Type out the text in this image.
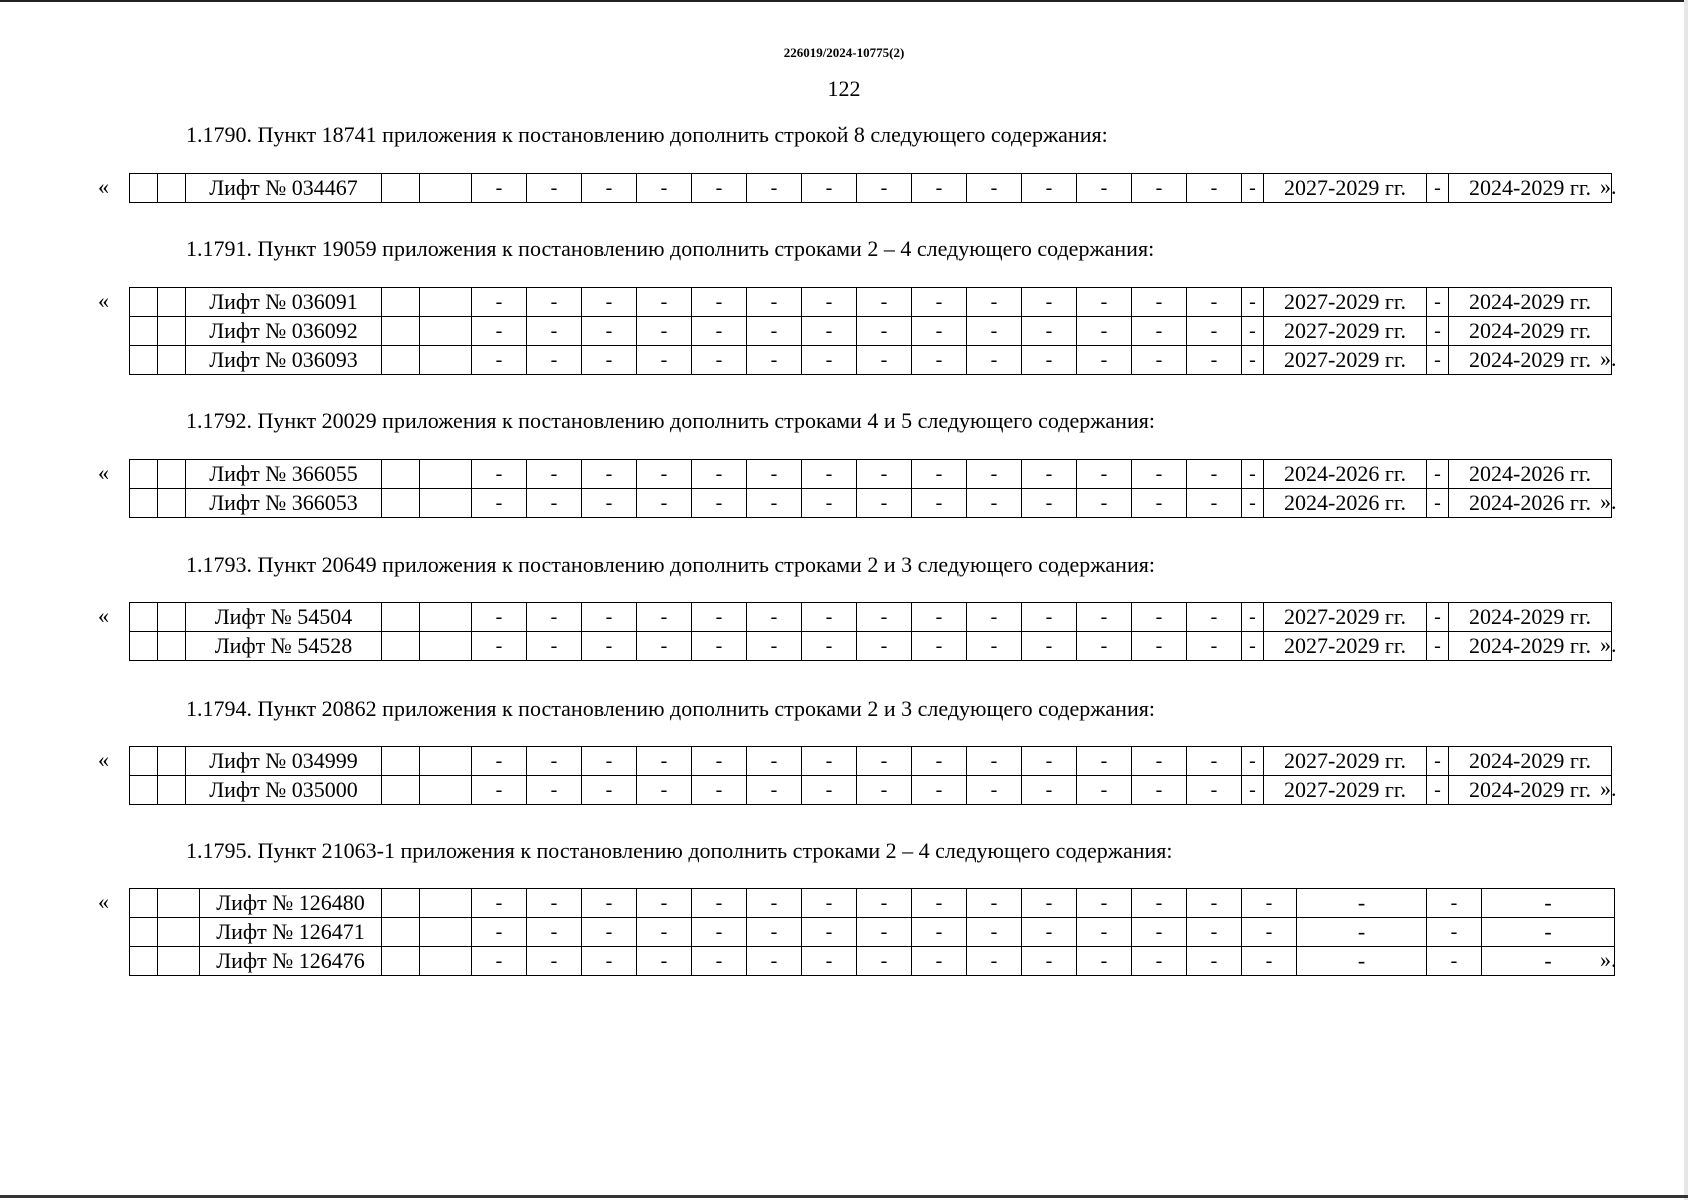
226019/2024-10775(2)
122
1.1790. Пункт 18741 приложения к постановлению дополнить строкой 8 следующего содержания:
«
			Лифт № 034467			-	-	-	-	-	-	-	-	-	-	-	-	-	-	-	2027-2029 гг.	-	2024-2029 гг. ».
1.1791. Пункт 19059 приложения к постановлению дополнить строками 2 – 4 следующего содержания:
«
			Лифт № 036091			-	-	-	-	-	-	-	-	-	-	-	-	-	-	-	2027-2029 гг.	-	2024-2029 гг.
		Лифт № 036092			-	-	-	-	-	-	-	-	-	-	-	-	-	-	-	2027-2029 гг.	-	2024-2029 гг.
		Лифт № 036093			-	-	-	-	-	-	-	-	-	-	-	-	-	-	-	2027-2029 гг.	-	2024-2029 гг. ».
1.1792. Пункт 20029 приложения к постановлению дополнить строками 4 и 5 следующего содержания:
«
			Лифт № 366055			-	-	-	-	-	-	-	-	-	-	-	-	-	-	-	2024-2026 гг.	-	2024-2026 гг.
		Лифт № 366053			-	-	-	-	-	-	-	-	-	-	-	-	-	-	-	2024-2026 гг.	-	2024-2026 гг. ».
1.1793. Пункт 20649 приложения к постановлению дополнить строками 2 и 3 следующего содержания:
«
			Лифт № 54504			-	-	-	-	-	-	-	-	-	-	-	-	-	-	-	2027-2029 гг.	-	2024-2029 гг.
		Лифт № 54528			-	-	-	-	-	-	-	-	-	-	-	-	-	-	-	2027-2029 гг.	-	2024-2029 гг. ».
1.1794. Пункт 20862 приложения к постановлению дополнить строками 2 и 3 следующего содержания:
«
			Лифт № 034999			-	-	-	-	-	-	-	-	-	-	-	-	-	-	-	2027-2029 гг.	-	2024-2029 гг.
		Лифт № 035000			-	-	-	-	-	-	-	-	-	-	-	-	-	-	-	2027-2029 гг.	-	2024-2029 гг. ».
1.1795. Пункт 21063-1 приложения к постановлению дополнить строками 2 – 4 следующего содержания:
«
			Лифт № 126480			-	-	-	-	-	-	-	-	-	-	-	-	-	-	-	-	-	-
		Лифт № 126471			-	-	-	-	-	-	-	-	-	-	-	-	-	-	-	-	-	-
		Лифт № 126476			-	-	-	-	-	-	-	-	-	-	-	-	-	-	-	-	-	- ».
